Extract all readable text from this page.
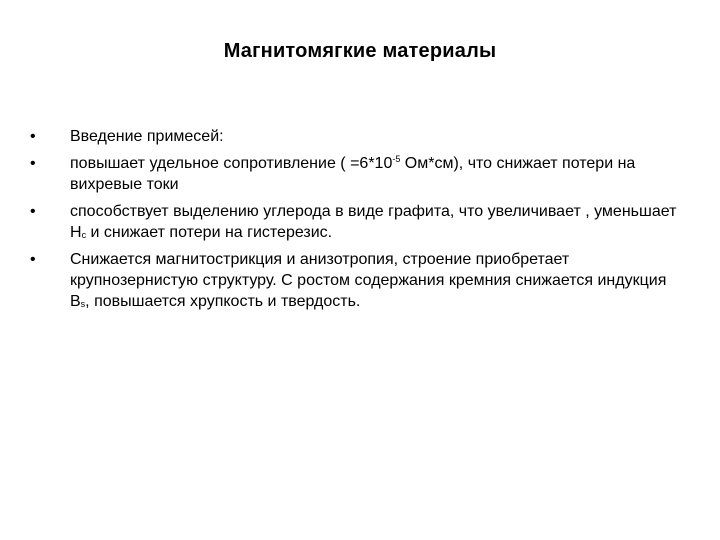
Магнитомягкие материалы
•	Введение примесей:
•	повышает удельное сопротивление ( $=6*10^{-5}$ Ом*см), что снижает потери на вихревые токи
•	способствует выделению углерода в виде графита, что увеличивает , уменьшает $H_c$ и снижает потери на гистерезис.
•	Снижается магнитострикция и анизотропия, строение приобретает крупнозернистую структуру. С ростом содержания кремния снижается индукция $B_s$, повышается хрупкость и твердость.
